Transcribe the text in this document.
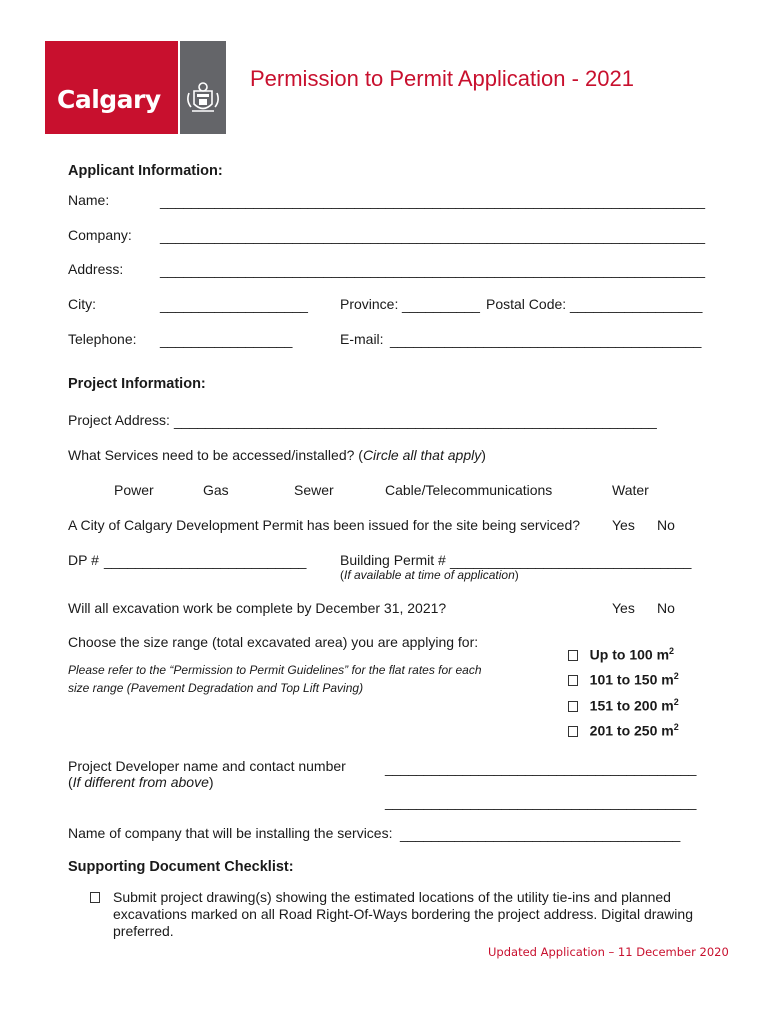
Calgary
Permission to Permit Application - 2021
Applicant Information:
Name:	______________________________________________________________________
Company: ______________________________________________________________________
Address:	______________________________________________________________________
City:	___________________ Province: __________ Postal Code: _________________
Telephone: _________________	E-mail: ________________________________________
Project Information:
Project Address: ______________________________________________________________
What Services need to be accessed/installed? (Circle all that apply)
Power	Gas	Sewer	Cable/Telecommunications	Water
A City of Calgary Development Permit has been issued for the site being serviced? Yes No
DP # __________________________ Building Permit # _______________________________
(If available at time of application)
Will all excavation work be complete by December 31, 2021?	Yes No
Choose the size range (total excavated area) you are applying for:
Please refer to the “Permission to Permit Guidelines” for the flat rates for each
size range (Pavement Degradation and Top Lift Paving)
Up to 100 $m^2$
101 to 150 $m^2$
151 to 200 $m^2$
201 to 250 $m^2$
Project Developer name and contact number
(If different from above)
________________________________________
________________________________________
Name of company that will be installing the services: ____________________________________
Supporting Document Checklist:
Submit project drawing(s) showing the estimated locations of the utility tie-ins and planned
excavations marked on all Road Right-Of-Ways bordering the project address. Digital drawing
preferred.
Updated Application – 11 December 2020
